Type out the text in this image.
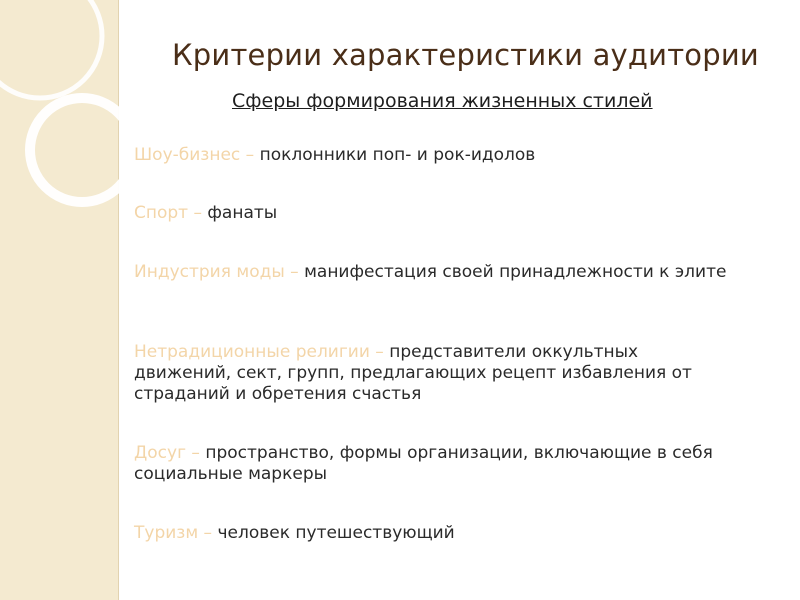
Критерии характеристики аудитории
Сферы формирования жизненных стилей
Шоу-бизнес – поклонники поп- и рок-идолов
Спорт – фанаты
Индустрия моды – манифестация своей принадлежности к элите
Нетрадиционные религии – представители оккультных движений, сект, групп, предлагающих рецепт избавления от страданий и обретения счастья
Досуг – пространство, формы организации, включающие в себя социальные маркеры
Туризм – человек путешествующий
